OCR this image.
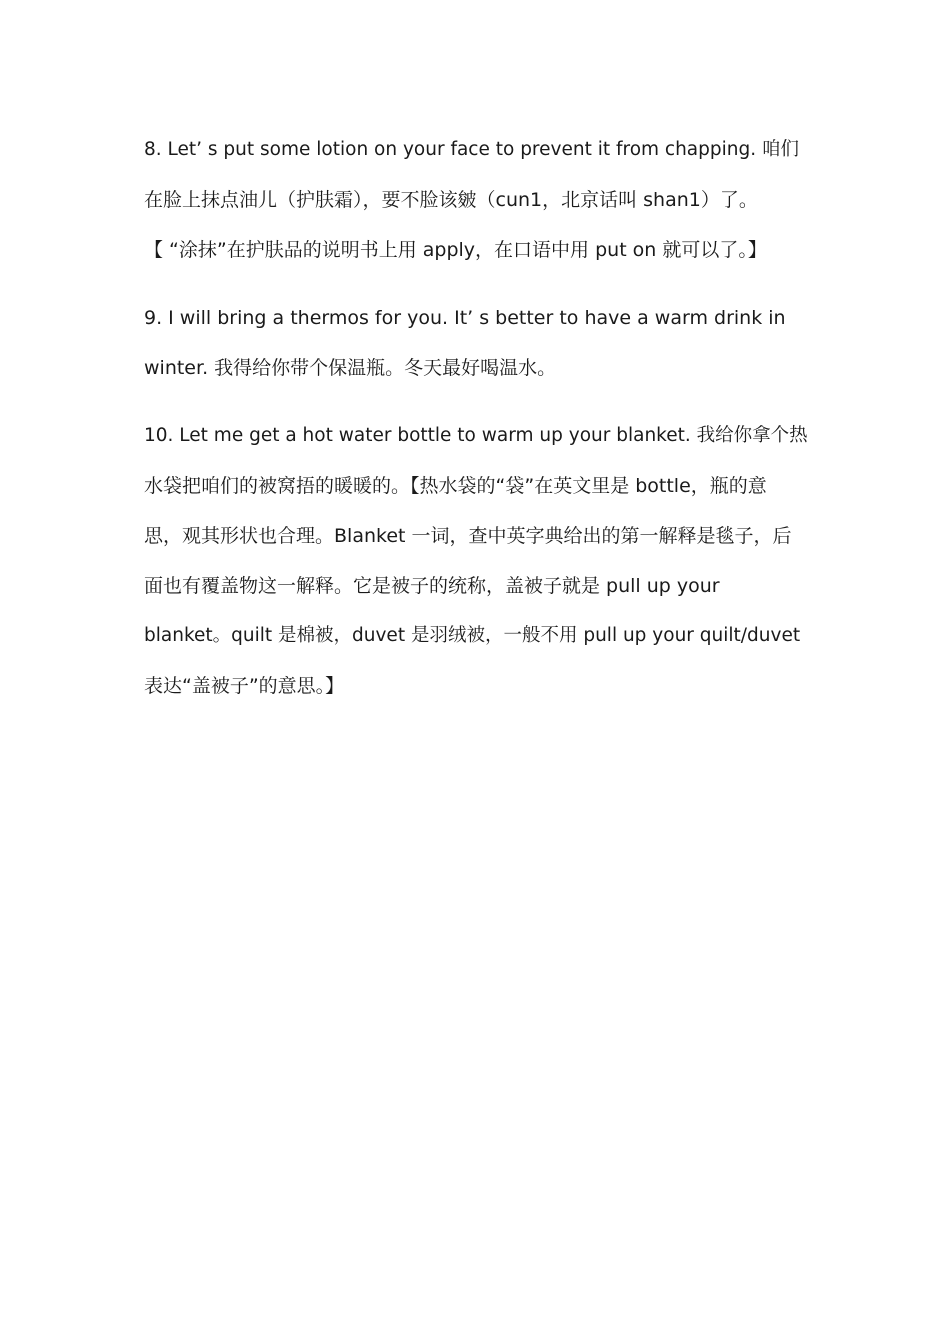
8. Let’ s put some lotion on your face to prevent it from chapping. 咱们
在脸上抹点油儿（护肤霜），要不脸该皴（cun1，北京话叫 shan1）了。
【 “涂抹”在护肤品的说明书上用 apply，在口语中用 put on 就可以了。】
9. I will bring a thermos for you. It’ s better to have a warm drink in
winter. 我得给你带个保温瓶。冬天最好喝温水。
10. Let me get a hot water bottle to warm up your blanket. 我给你拿个热
水袋把咱们的被窝捂的暖暖的。【热水袋的“袋”在英文里是 bottle，瓶的意
思，观其形状也合理。Blanket 一词，查中英字典给出的第一解释是毯子，后
面也有覆盖物这一解释。它是被子的统称，盖被子就是 pull up your
blanket。quilt 是棉被，duvet 是羽绒被，一般不用 pull up your quilt/duvet
表达“盖被子”的意思。】
